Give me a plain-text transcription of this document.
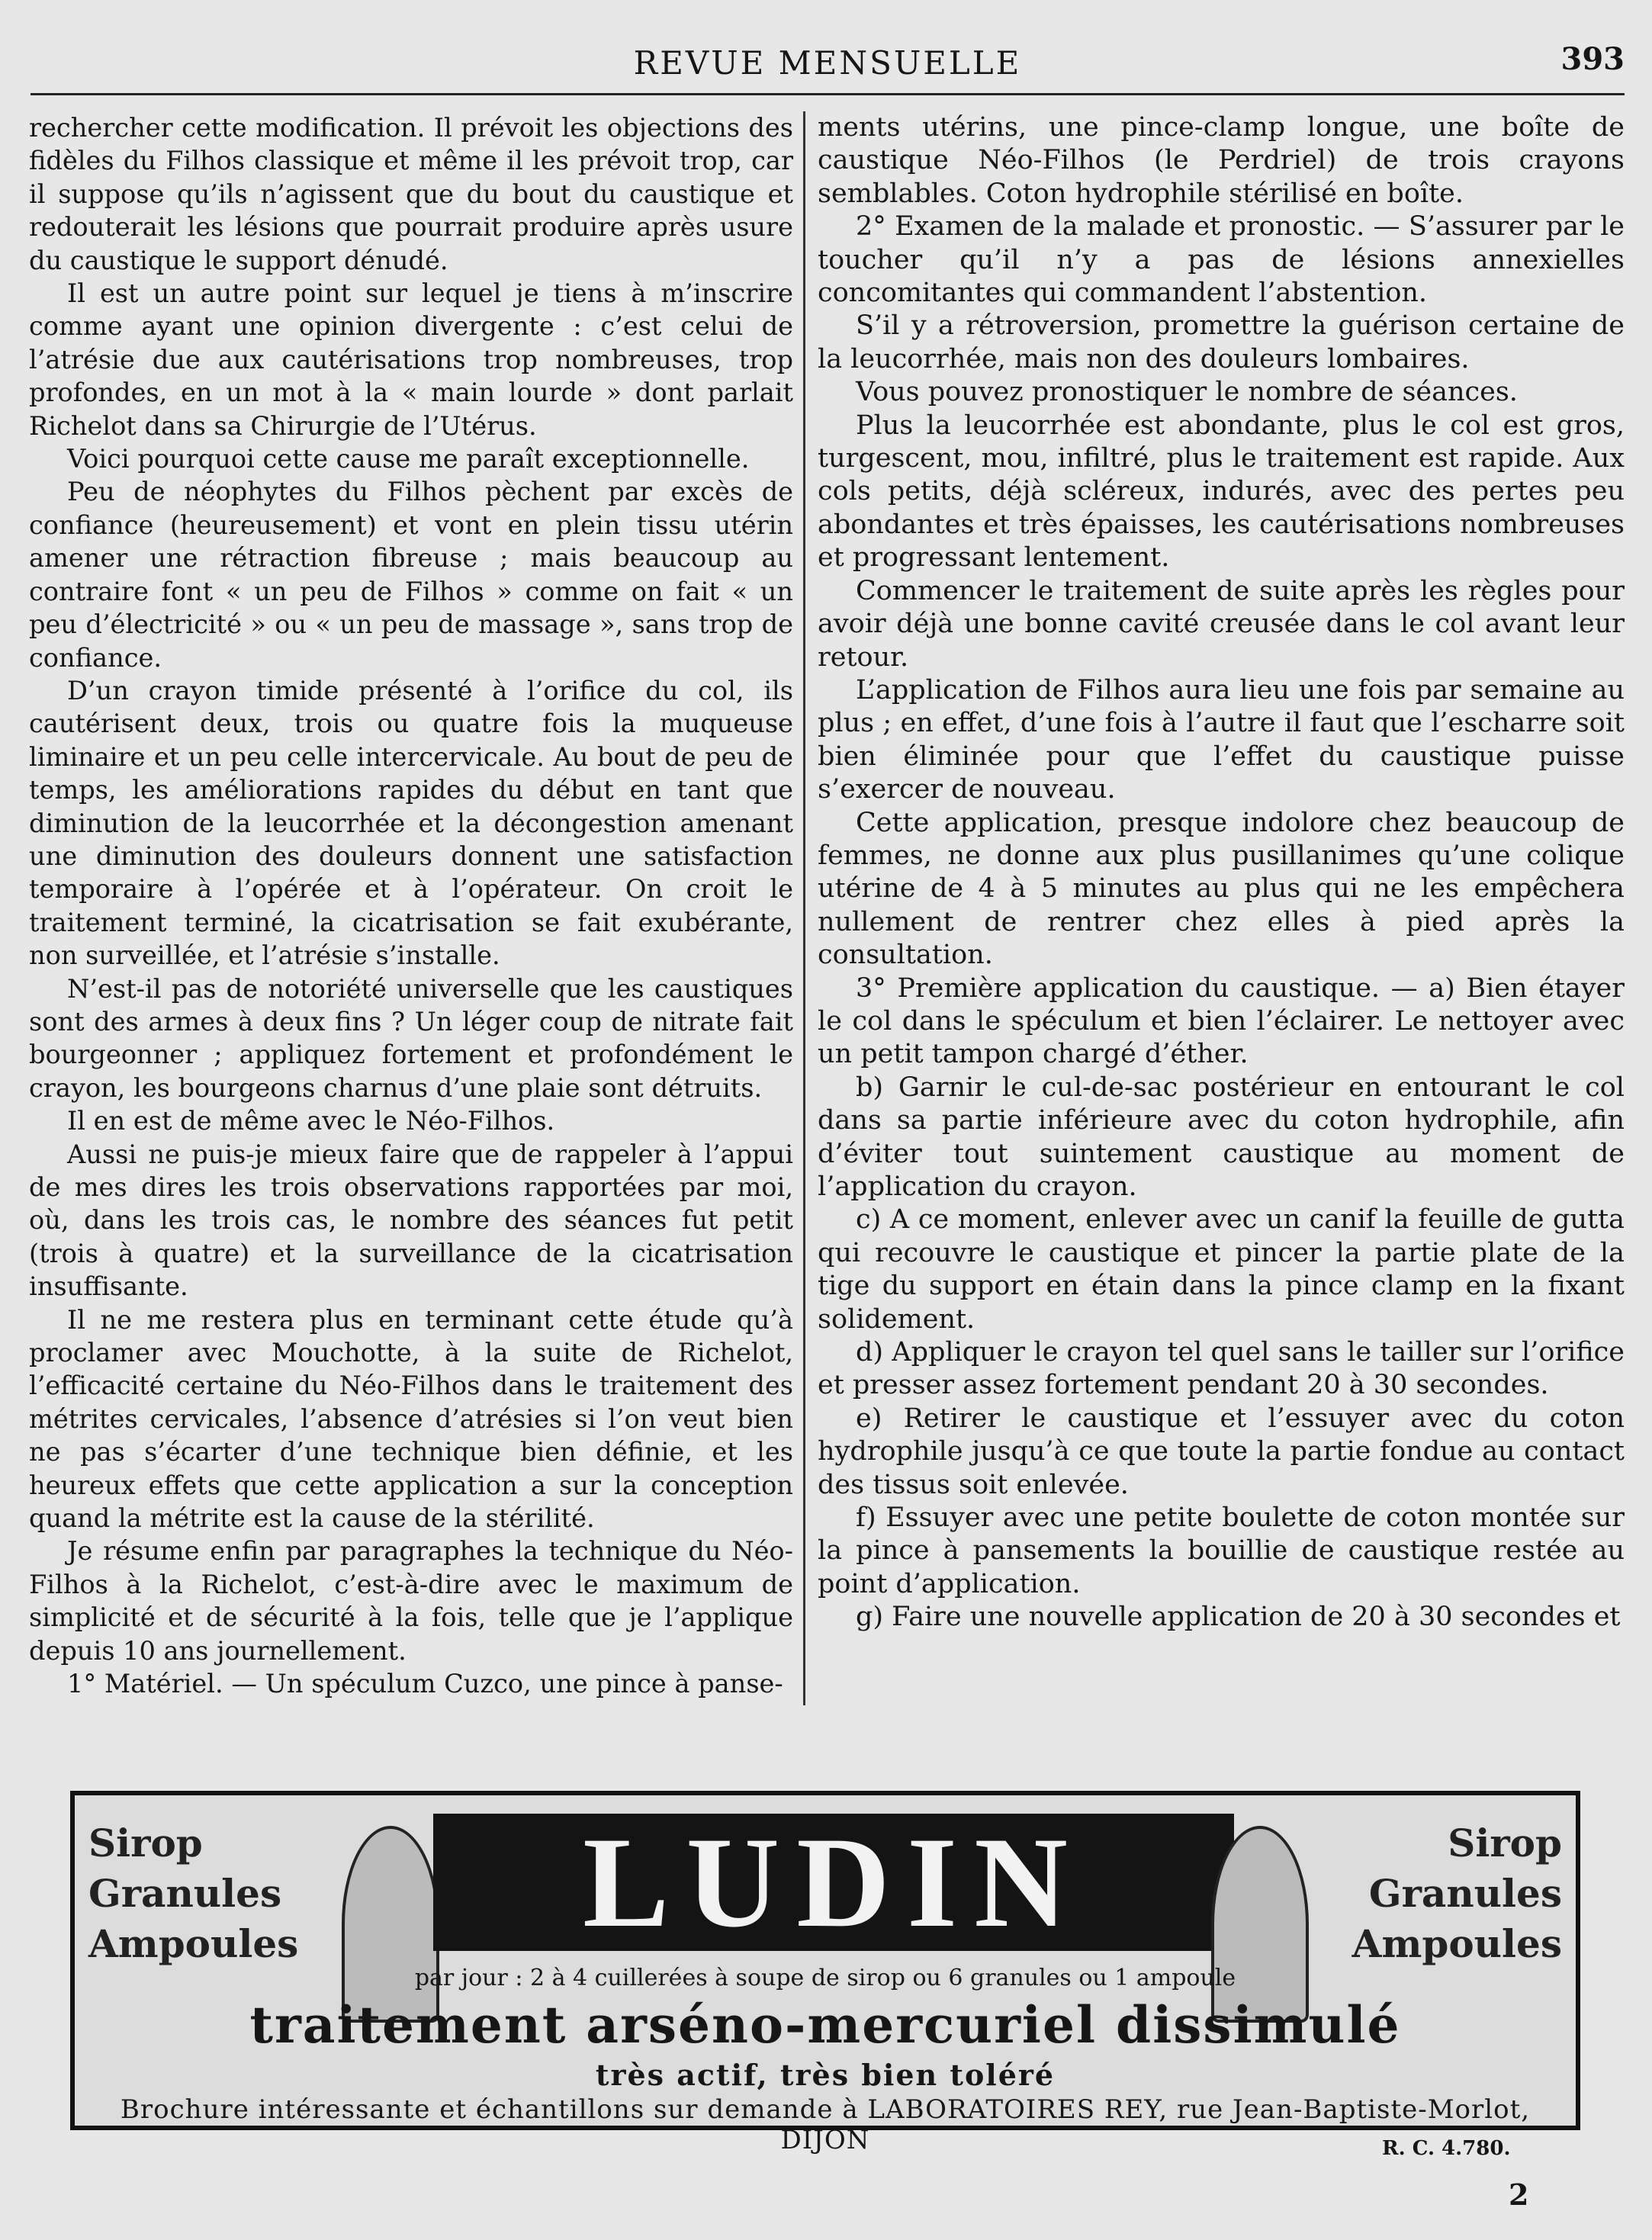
REVUE MENSUELLE	393

rechercher cette modification. Il prévoit les objections des fidèles du Filhos classique et même il les prévoit trop, car il suppose qu’ils n’agissent que du bout du caustique et redouterait les lésions que pourrait produire après usure du caustique le support dénudé.

Il est un autre point sur lequel je tiens à m’inscrire comme ayant une opinion divergente : c’est celui de l’atrésie due aux cautérisations trop nombreuses, trop profondes, en un mot à la « main lourde » dont parlait Richelot dans sa Chirurgie de l’Utérus.

Voici pourquoi cette cause me paraît exceptionnelle.

Peu de néophytes du Filhos pèchent par excès de confiance (heureusement) et vont en plein tissu utérin amener une rétraction fibreuse ; mais beaucoup au contraire font « un peu de Filhos » comme on fait « un peu d’électricité » ou « un peu de massage », sans trop de confiance.

D’un crayon timide présenté à l’orifice du col, ils cautérisent deux, trois ou quatre fois la muqueuse liminaire et un peu celle intercervicale. Au bout de peu de temps, les améliorations rapides du début en tant que diminution de la leucorrhée et la décongestion amenant une diminution des douleurs donnent une satisfaction temporaire à l’opérée et à l’opérateur. On croit le traitement terminé, la cicatrisation se fait exubérante, non surveillée, et l’atrésie s’installe.

N’est-il pas de notoriété universelle que les caustiques sont des armes à deux fins ? Un léger coup de nitrate fait bourgeonner ; appliquez fortement et profondément le crayon, les bourgeons charnus d’une plaie sont détruits.

Il en est de même avec le Néo-Filhos.

Aussi ne puis-je mieux faire que de rappeler à l’appui de mes dires les trois observations rapportées par moi, où, dans les trois cas, le nombre des séances fut petit (trois à quatre) et la surveillance de la cicatrisation insuffisante.

Il ne me restera plus en terminant cette étude qu’à proclamer avec Mouchotte, à la suite de Richelot, l’efficacité certaine du Néo-Filhos dans le traitement des métrites cervicales, l’absence d’atrésies si l’on veut bien ne pas s’écarter d’une technique bien définie, et les heureux effets que cette application a sur la conception quand la métrite est la cause de la stérilité.

Je résume enfin par paragraphes la technique du Néo-Filhos à la Richelot, c’est-à-dire avec le maximum de simplicité et de sécurité à la fois, telle que je l’applique depuis 10 ans journellement.

1° Matériel. — Un spéculum Cuzco, une pince à panse-

ments utérins, une pince-clamp longue, une boîte de caustique Néo-Filhos (le Perdriel) de trois crayons semblables. Coton hydrophile stérilisé en boîte.

2° Examen de la malade et pronostic. — S’assurer par le toucher qu’il n’y a pas de lésions annexielles concomitantes qui commandent l’abstention.

S’il y a rétroversion, promettre la guérison certaine de la leucorrhée, mais non des douleurs lombaires.

Vous pouvez pronostiquer le nombre de séances.

Plus la leucorrhée est abondante, plus le col est gros, turgescent, mou, infiltré, plus le traitement est rapide. Aux cols petits, déjà scléreux, indurés, avec des pertes peu abondantes et très épaisses, les cautérisations nombreuses et progressant lentement.

Commencer le traitement de suite après les règles pour avoir déjà une bonne cavité creusée dans le col avant leur retour.

L’application de Filhos aura lieu une fois par semaine au plus ; en effet, d’une fois à l’autre il faut que l’escharre soit bien éliminée pour que l’effet du caustique puisse s’exercer de nouveau.

Cette application, presque indolore chez beaucoup de femmes, ne donne aux plus pusillanimes qu’une colique utérine de 4 à 5 minutes au plus qui ne les empêchera nullement de rentrer chez elles à pied après la consultation.

3° Première application du caustique. — a) Bien étayer le col dans le spéculum et bien l’éclairer. Le nettoyer avec un petit tampon chargé d’éther.

b) Garnir le cul-de-sac postérieur en entourant le col dans sa partie inférieure avec du coton hydrophile, afin d’éviter tout suintement caustique au moment de l’application du crayon.

c) A ce moment, enlever avec un canif la feuille de gutta qui recouvre le caustique et pincer la partie plate de la tige du support en étain dans la pince clamp en la fixant solidement.

d) Appliquer le crayon tel quel sans le tailler sur l’orifice et presser assez fortement pendant 20 à 30 secondes.

e) Retirer le caustique et l’essuyer avec du coton hydrophile jusqu’à ce que toute la partie fondue au contact des tissus soit enlevée.

f) Essuyer avec une petite boulette de coton montée sur la pince à pansements la bouillie de caustique restée au point d’application.

g) Faire une nouvelle application de 20 à 30 secondes et

Sirop
Granules
Ampoules	LUDIN	Sirop
Granules
Ampoules
par jour : 2 à 4 cuillerées à soupe de sirop ou 6 granules ou 1 ampoule
traitement arséno-mercuriel dissimulé
très actif, très bien toléré
Brochure intéressante et échantillons sur demande à LABORATOIRES REY, rue Jean-Baptiste-Morlot, DIJON	R. C. 4.780.
2
